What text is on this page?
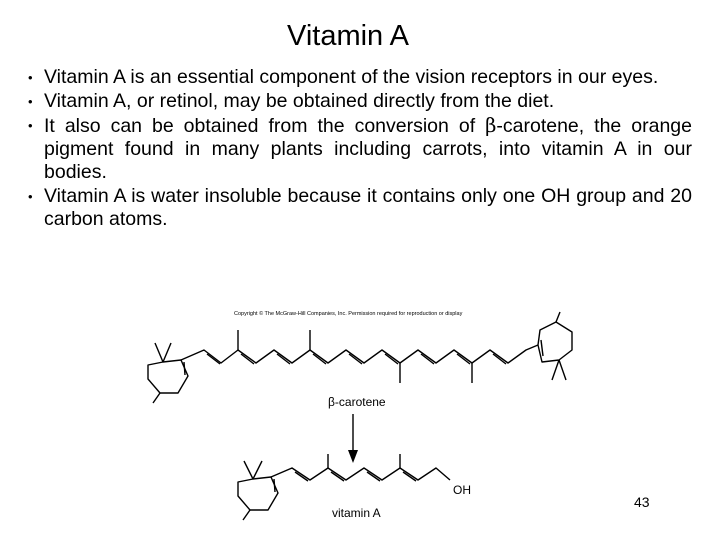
Vitamin A
• Vitamin A is an essential component of the vision receptors in our eyes.
• Vitamin A, or retinol, may be obtained directly from the diet.
• It also can be obtained from the conversion of β-carotene, the orange pigment found in many plants including carrots, into vitamin A in our bodies.
• Vitamin A is water insoluble because it contains only one OH group and 20 carbon atoms.
Copyright © The McGraw-Hill Companies, Inc. Permission required for reproduction or display
β-carotene
OH
vitamin A
43
